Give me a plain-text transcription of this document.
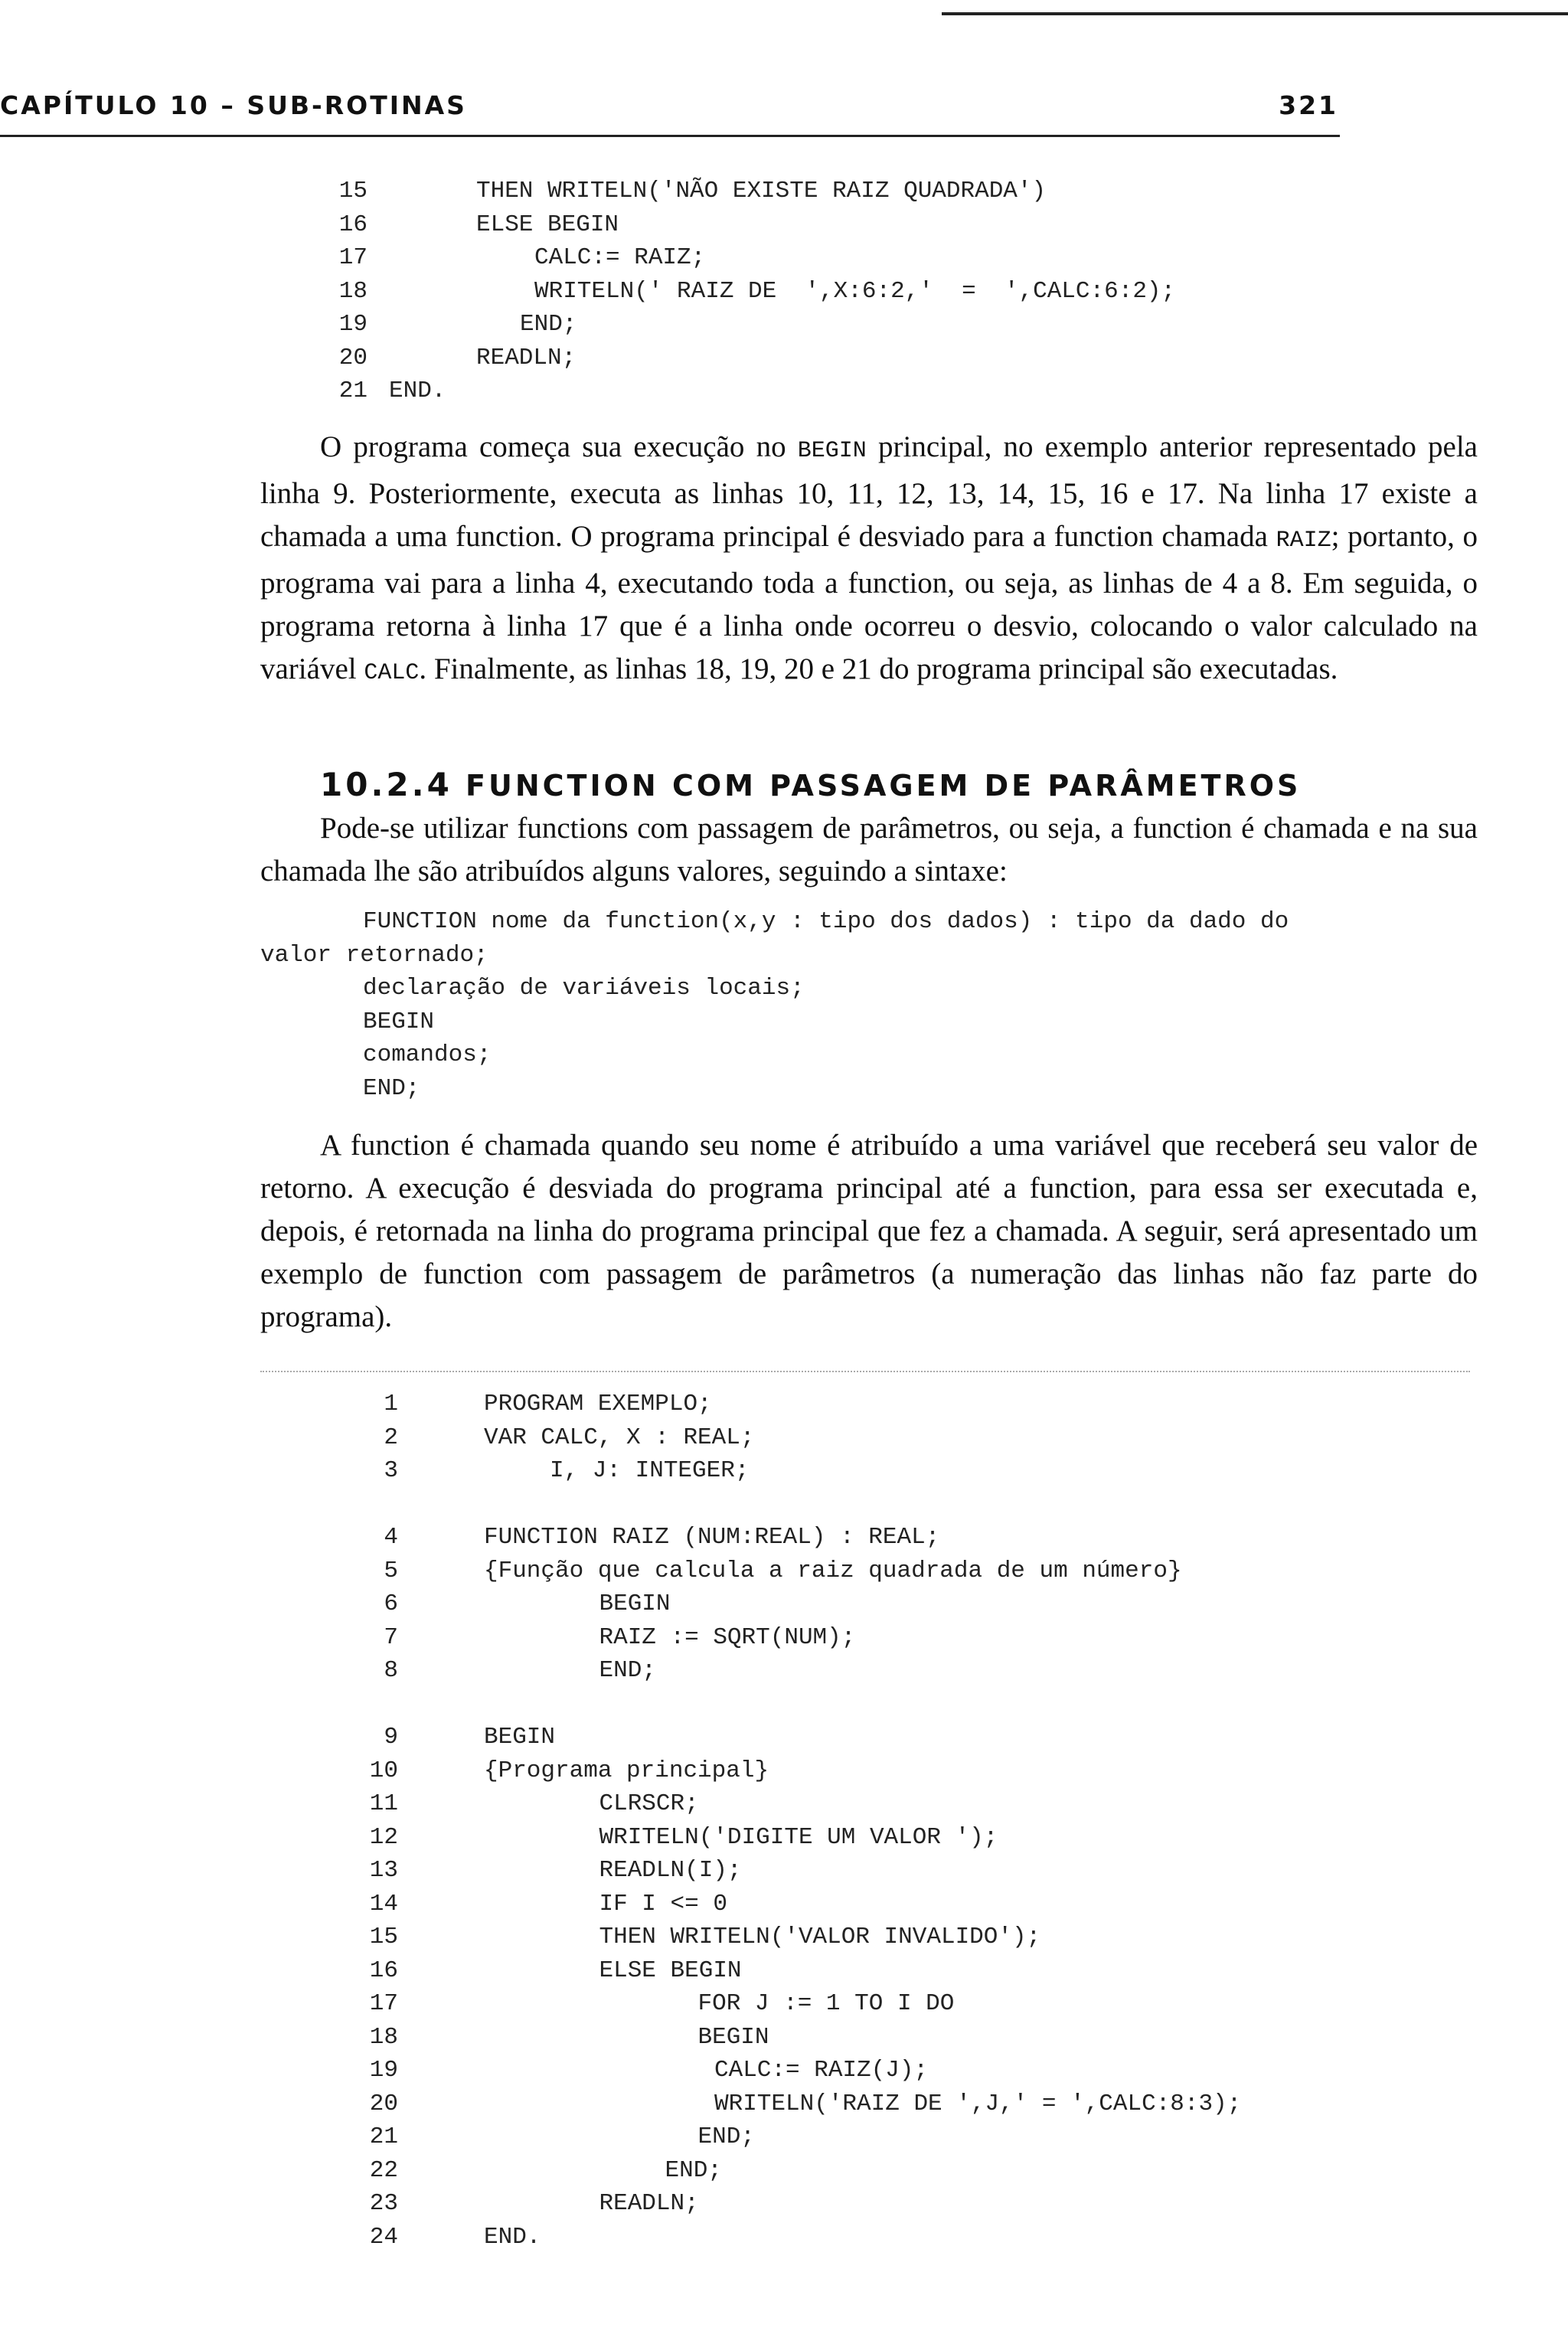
CAPÍTULO 10 – SUB-ROTINAS	321
15	THEN WRITELN('NÃO EXISTE RAIZ QUADRADA')
16	ELSE BEGIN
17	CALC:= RAIZ;
18	WRITELN(' RAIZ DE  ',X:6:2,'  =  ',CALC:6:2);
19	END;
20	READLN;
21 END.
O programa começa sua execução no BEGIN principal, no exemplo anterior representado pela linha 9. Posteriormente, executa as linhas 10, 11, 12, 13, 14, 15, 16 e 17. Na linha 17 existe a chamada a uma function. O programa principal é desviado para a function chamada RAIZ; portanto, o programa vai para a linha 4, executando toda a function, ou seja, as linhas de 4 a 8. Em seguida, o programa retorna à linha 17 que é a linha onde ocorreu o desvio, colocando o valor calculado na variável CALC. Finalmente, as linhas 18, 19, 20 e 21 do programa principal são executadas.
10.2.4 FUNCTION COM PASSAGEM DE PARÂMETROS
Pode-se utilizar functions com passagem de parâmetros, ou seja, a function é chamada e na sua chamada lhe são atribuídos alguns valores, seguindo a sintaxe:
FUNCTION nome da function(x,y : tipo dos dados) : tipo da dado do
valor retornado;
declaração de variáveis locais;
BEGIN
comandos;
END;
A function é chamada quando seu nome é atribuído a uma variável que receberá seu valor de retorno. A execução é desviada do programa principal até a function, para essa ser executada e, depois, é retornada na linha do programa principal que fez a chamada. A seguir, será apresentado um exemplo de function com passagem de parâmetros (a numeração das linhas não faz parte do programa).
1	PROGRAM EXEMPLO;
2	VAR CALC, X : REAL;
3	I, J: INTEGER;
4	FUNCTION RAIZ (NUM:REAL) : REAL;
5	{Função que calcula a raiz quadrada de um número}
6	BEGIN
7	RAIZ := SQRT(NUM);
8	END;
9	BEGIN
10	{Programa principal}
11	CLRSCR;
12	WRITELN('DIGITE UM VALOR ');
13	READLN(I);
14	IF I <= 0
15	THEN WRITELN('VALOR INVALIDO');
16	ELSE BEGIN
17	FOR J := 1 TO I DO
18	BEGIN
19	CALC:= RAIZ(J);
20	WRITELN('RAIZ DE ',J,' = ',CALC:8:3);
21	END;
22	END;
23	READLN;
24	END.
